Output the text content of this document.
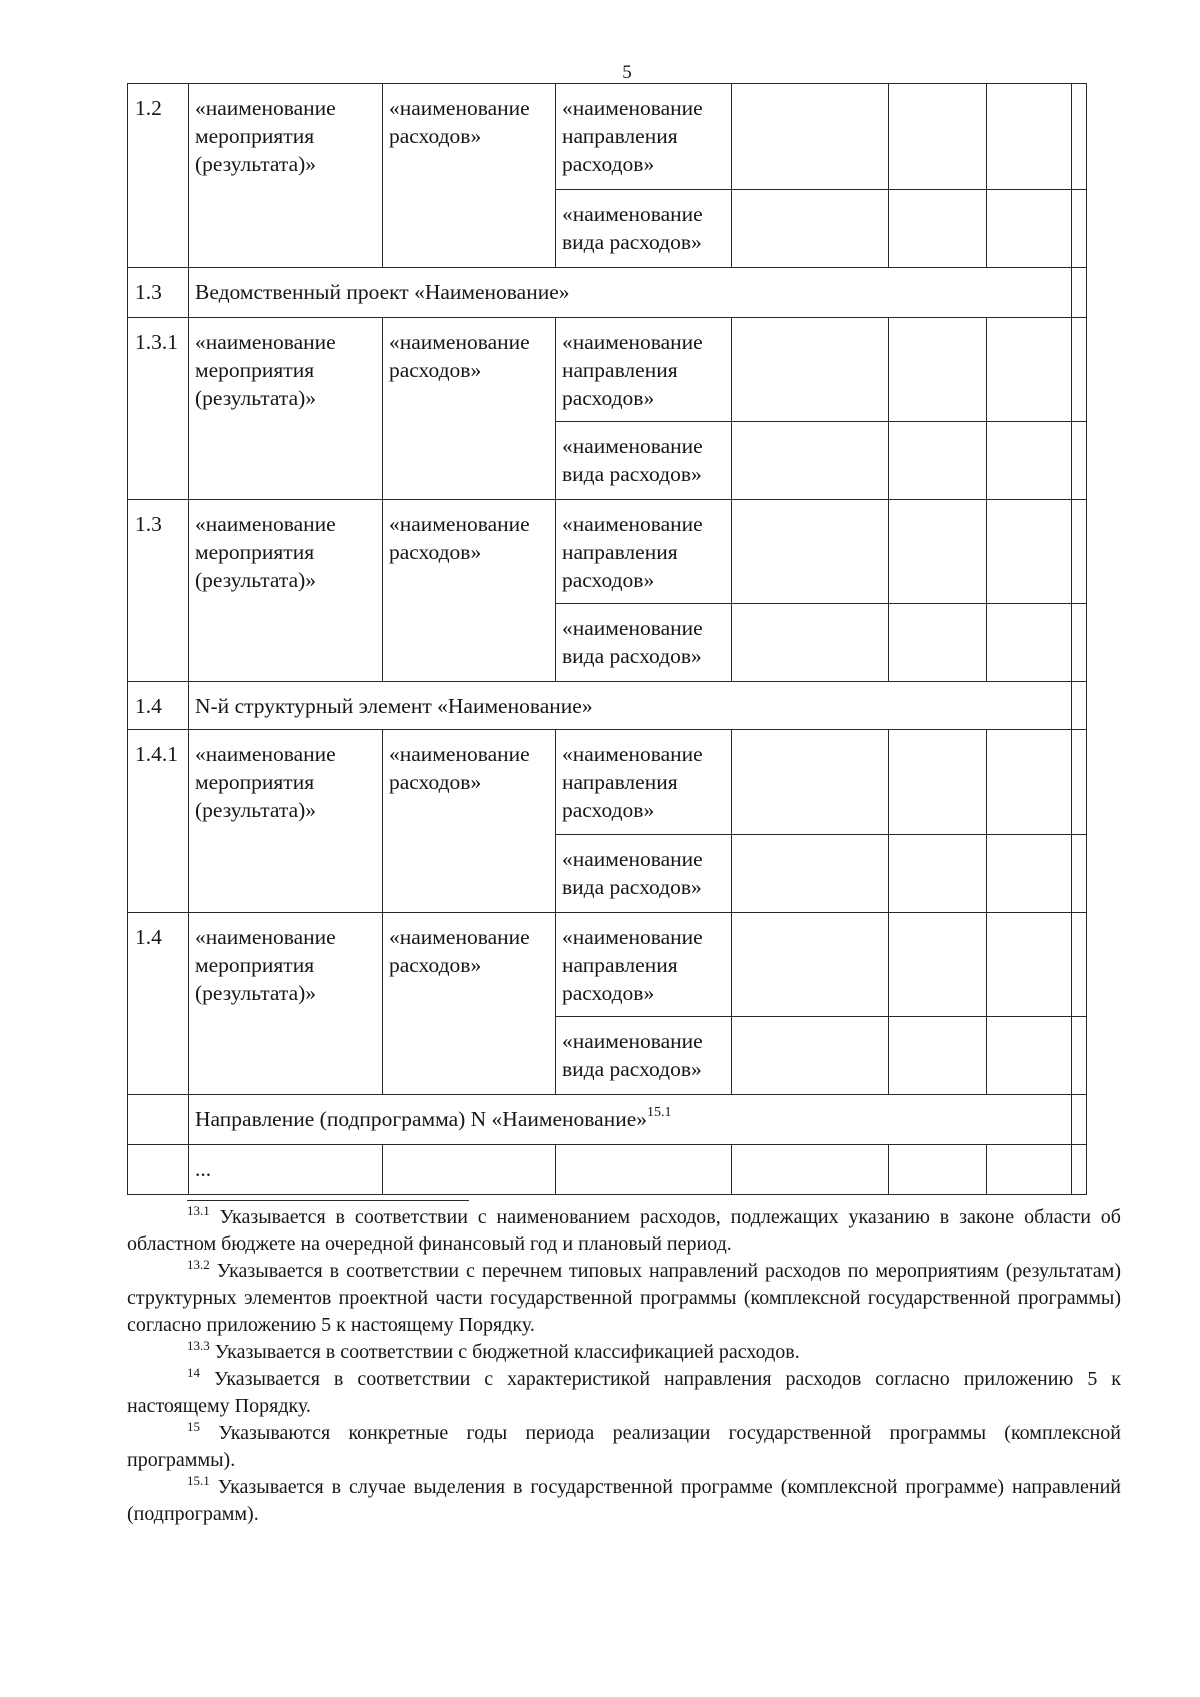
5
1.2	«наименование мероприятия (результата)»	«наименование расходов»	«наименование направления расходов»				
			«наименование вида расходов»				
1.3	Ведомственный проект «Наименование»						
1.3.1	«наименование мероприятия (результата)»	«наименование расходов»	«наименование направления расходов»				
			«наименование вида расходов»				
1.3	«наименование мероприятия (результата)»	«наименование расходов»	«наименование направления расходов»				
			«наименование вида расходов»				
1.4	N-й структурный элемент «Наименование»						
1.4.1	«наименование мероприятия (результата)»	«наименование расходов»	«наименование направления расходов»				
			«наименование вида расходов»				
1.4	«наименование мероприятия (результата)»	«наименование расходов»	«наименование направления расходов»				
			«наименование вида расходов»				
	Направление (подпрограмма) N «Наименование»$^{15.1}$	
	...						

$^{13.1}$ Указывается в соответствии с наименованием расходов, подлежащих указанию в законе области об областном бюджете на очередной финансовый год и плановый период.

$^{13.2}$ Указывается в соответствии с перечнем типовых направлений расходов по мероприятиям (результатам) структурных элементов проектной части государственной программы (комплексной государственной программы) согласно приложению 5 к настоящему Порядку.

$^{13.3}$ Указывается в соответствии с бюджетной классификацией расходов.

$^{14}$ Указывается в соответствии с характеристикой направления расходов согласно приложению 5 к настоящему Порядку.

$^{15}$ Указываются конкретные годы периода реализации государственной программы (комплексной программы).

$^{15.1}$ Указывается в случае выделения в государственной программе (комплексной программе) направлений (подпрограмм).
